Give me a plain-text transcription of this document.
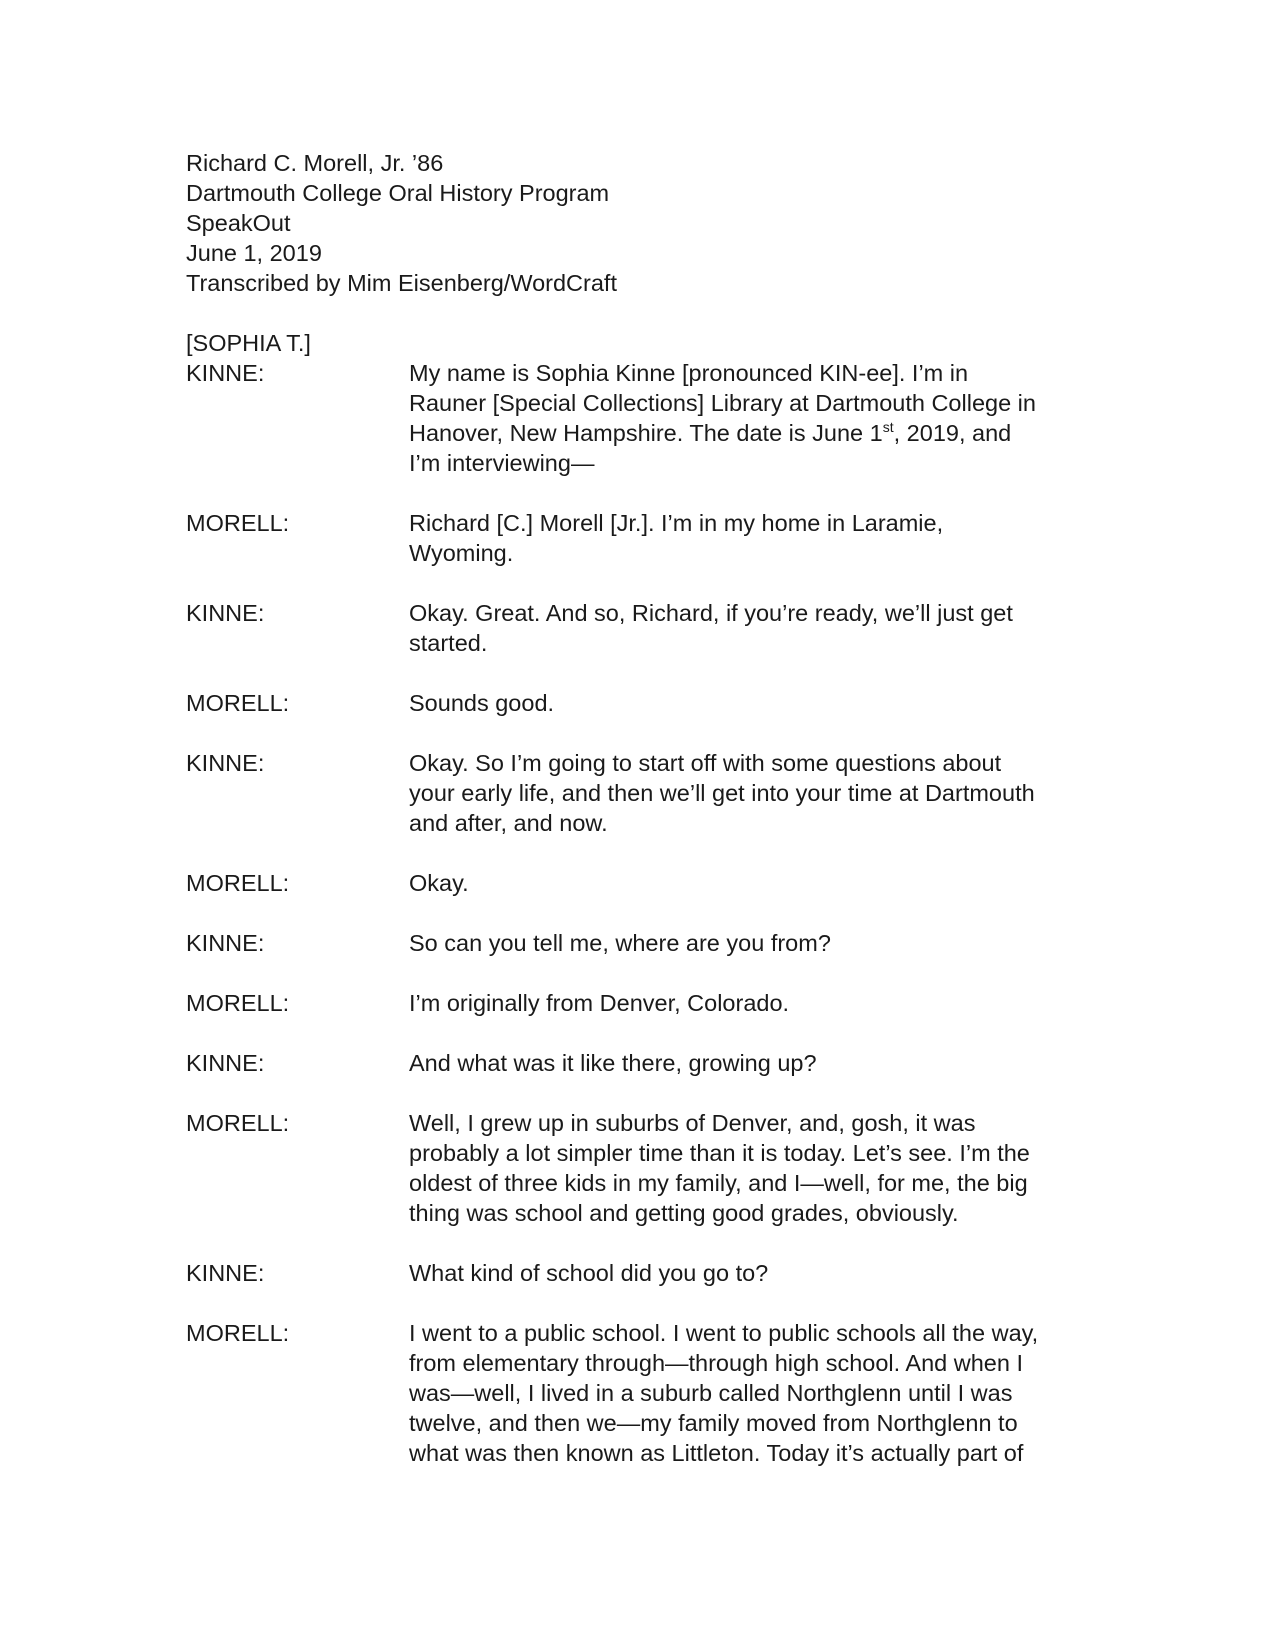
Richard C. Morell, Jr. ’86
Dartmouth College Oral History Program
SpeakOut
June 1, 2019
Transcribed by Mim Eisenberg/WordCraft
[SOPHIA T.]
KINNE:	My name is Sophia Kinne [pronounced KIN-ee]. I’m in
Rauner [Special Collections] Library at Dartmouth College in
Hanover, New Hampshire. The date is June 1st, 2019, and
I’m interviewing—
MORELL:	Richard [C.] Morell [Jr.]. I’m in my home in Laramie,
Wyoming.
KINNE:	Okay. Great. And so, Richard, if you’re ready, we’ll just get
started.
MORELL:	Sounds good.
KINNE:	Okay. So I’m going to start off with some questions about
your early life, and then we’ll get into your time at Dartmouth
and after, and now.
MORELL:	Okay.
KINNE:	So can you tell me, where are you from?
MORELL:	I’m originally from Denver, Colorado.
KINNE:	And what was it like there, growing up?
MORELL:	Well, I grew up in suburbs of Denver, and, gosh, it was
probably a lot simpler time than it is today. Let’s see. I’m the
oldest of three kids in my family, and I—well, for me, the big
thing was school and getting good grades, obviously.
KINNE:	What kind of school did you go to?
MORELL:	I went to a public school. I went to public schools all the way,
from elementary through—through high school. And when I
was—well, I lived in a suburb called Northglenn until I was
twelve, and then we—my family moved from Northglenn to
what was then known as Littleton. Today it’s actually part of
